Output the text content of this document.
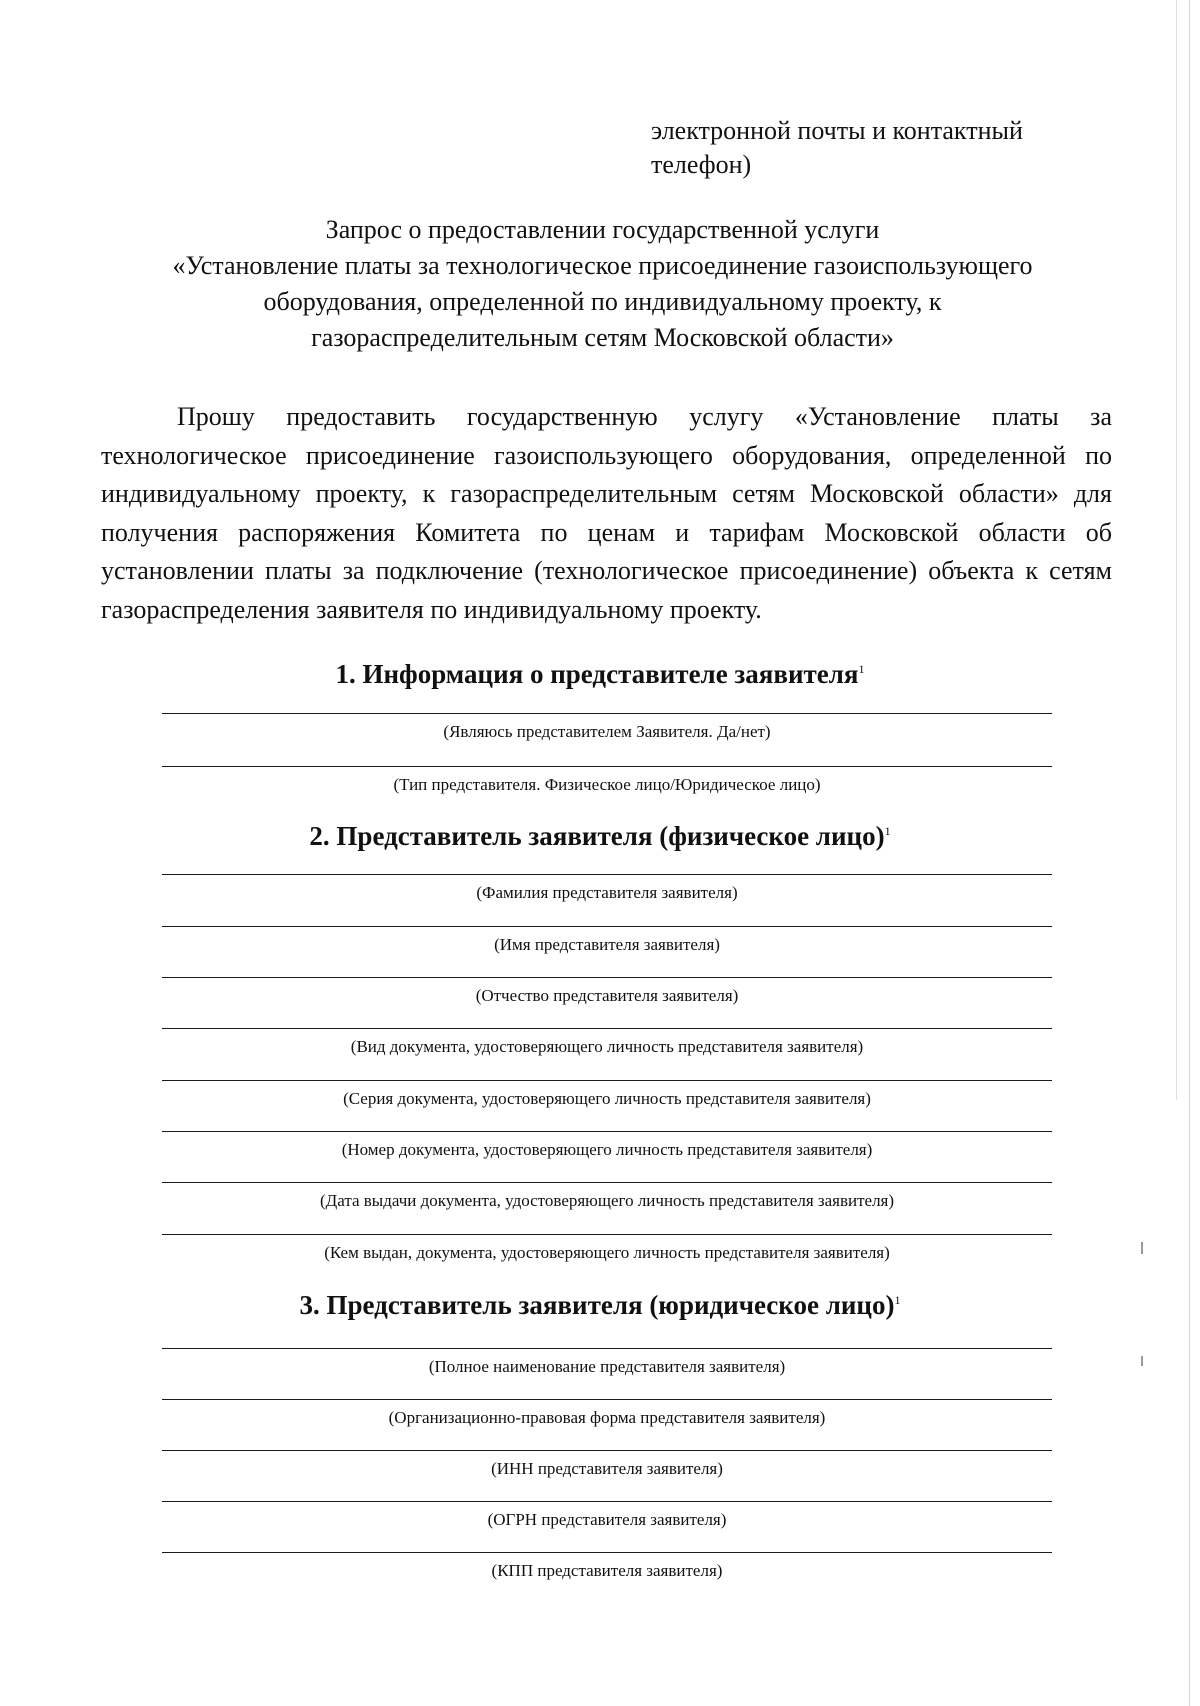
электронной почты и контактный
телефон)
Запрос о предоставлении государственной услуги
«Установление платы за технологическое присоединение газоиспользующего
оборудования, определенной по индивидуальному проекту, к
газораспределительным сетям Московской области»
Прошу предоставить государственную услугу «Установление платы за технологическое присоединение газоиспользующего оборудования, определенной по индивидуальному проекту, к газораспределительным сетям Московской области» для получения распоряжения Комитета по ценам и тарифам Московской области об установлении платы за подключение (технологическое присоединение) объекта к сетям газораспределения заявителя по индивидуальному проекту.
1. Информация о представителе заявителя$^1$
(Являюсь представителем Заявителя. Да/нет)
(Тип представителя. Физическое лицо/Юридическое лицо)
2. Представитель заявителя (физическое лицо)$^1$
(Фамилия представителя заявителя)
(Имя представителя заявителя)
(Отчество представителя заявителя)
(Вид документа, удостоверяющего личность представителя заявителя)
(Серия документа, удостоверяющего личность представителя заявителя)
(Номер документа, удостоверяющего личность представителя заявителя)
(Дата выдачи документа, удостоверяющего личность представителя заявителя)
(Кем выдан, документа, удостоверяющего личность представителя заявителя)
3. Представитель заявителя (юридическое лицо)$^1$
(Полное наименование представителя заявителя)
(Организационно-правовая форма представителя заявителя)
(ИНН представителя заявителя)
(ОГРН представителя заявителя)
(КПП представителя заявителя)
